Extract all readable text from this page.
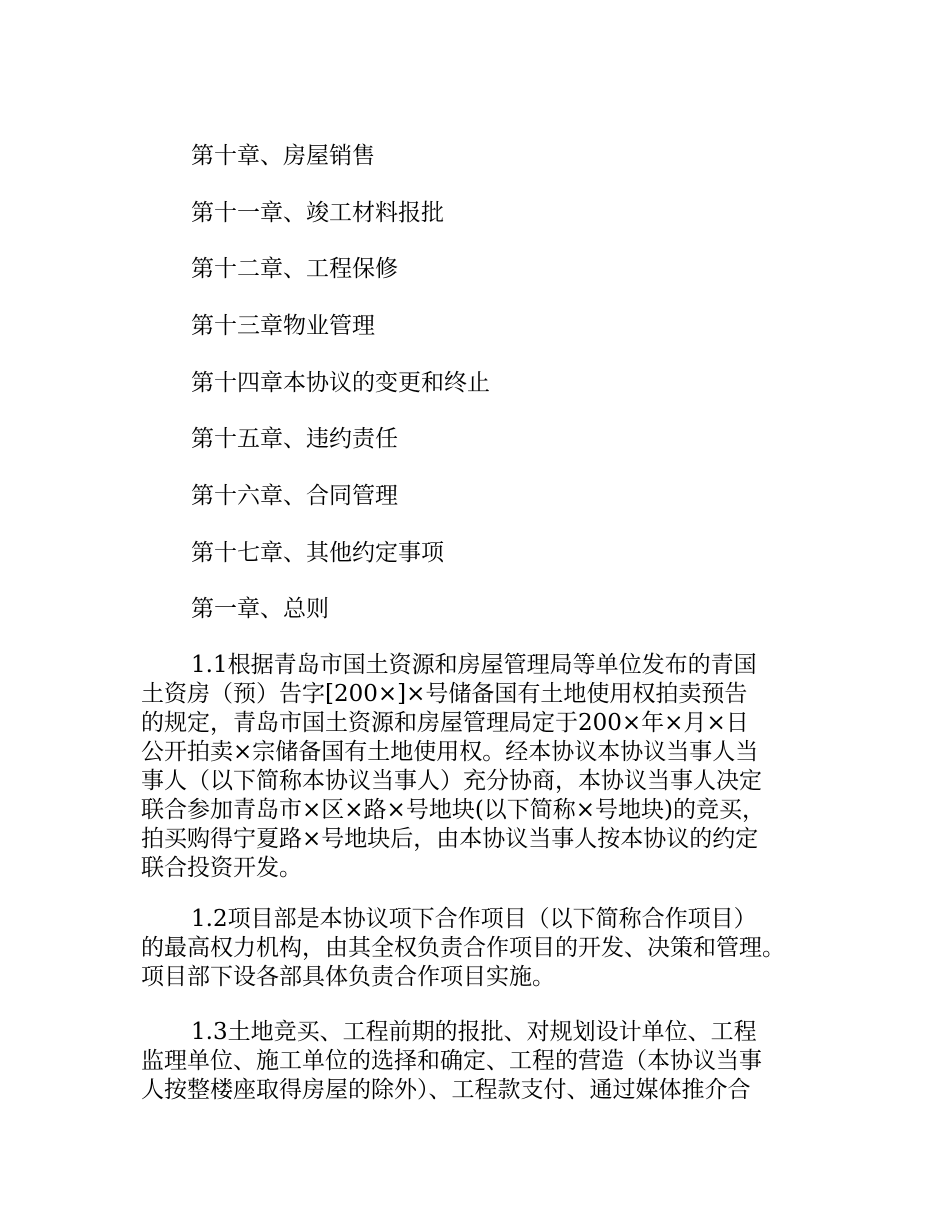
第十章、房屋销售
第十一章、竣工材料报批
第十二章、工程保修
第十三章物业管理
第十四章本协议的变更和终止
第十五章、违约责任
第十六章、合同管理
第十七章、其他约定事项
第一章、总则
1.1根据青岛市国土资源和房屋管理局等单位发布的青国
土资房（预）告字[200×]×号储备国有土地使用权拍卖预告
的规定，青岛市国土资源和房屋管理局定于200×年×月×日
公开拍卖×宗储备国有土地使用权。经本协议本协议当事人当
事人（以下简称本协议当事人）充分协商，本协议当事人决定
联合参加青岛市×区×路×号地块(以下简称×号地块)的竞买，
拍买购得宁夏路×号地块后，由本协议当事人按本协议的约定
联合投资开发。
1.2项目部是本协议项下合作项目（以下简称合作项目）
的最高权力机构，由其全权负责合作项目的开发、决策和管理。
项目部下设各部具体负责合作项目实施。
1.3土地竞买、工程前期的报批、对规划设计单位、工程
监理单位、施工单位的选择和确定、工程的营造（本协议当事
人按整楼座取得房屋的除外）、工程款支付、通过媒体推介合
